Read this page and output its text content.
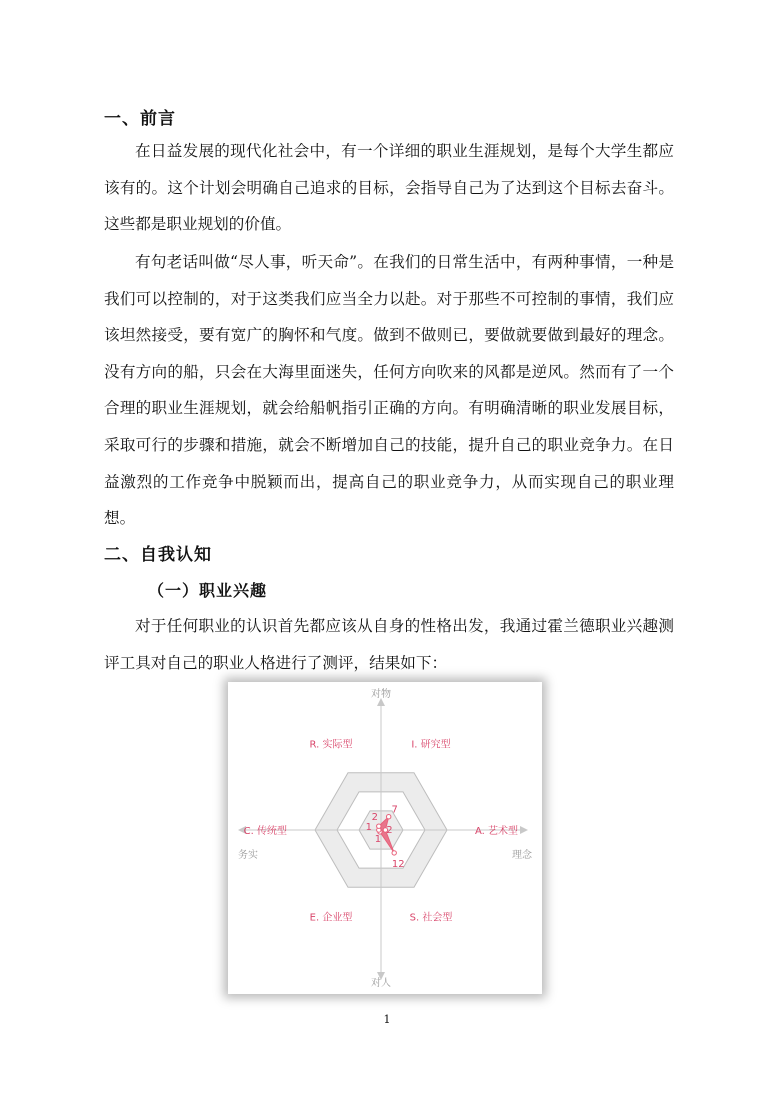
一、前言

在日益发展的现代化社会中，有一个详细的职业生涯规划，是每个大学生都应该有的。这个计划会明确自己追求的目标，会指导自己为了达到这个目标去奋斗。这些都是职业规划的价值。

有句老话叫做“尽人事，听天命”。在我们的日常生活中，有两种事情，一种是我们可以控制的，对于这类我们应当全力以赴。对于那些不可控制的事情，我们应该坦然接受，要有宽广的胸怀和气度。做到不做则已，要做就要做到最好的理念。没有方向的船，只会在大海里面迷失，任何方向吹来的风都是逆风。然而有了一个合理的职业生涯规划，就会给船帆指引正确的方向。有明确清晰的职业发展目标，采取可行的步骤和措施，就会不断增加自己的技能，提升自己的职业竞争力。在日益激烈的工作竞争中脱颖而出，提高自己的职业竞争力，从而实现自己的职业理想。

二、自我认知
（一）职业兴趣

对于任何职业的认识首先都应该从自身的性格出发，我通过霍兰德职业兴趣测评工具对自己的职业人格进行了测评，结果如下：

对物
对人
务实	理念
I. 研究型
A. 艺术型
S. 社会型
E. 企业型
C. 传统型
R. 实际型
7
2
12
1
1
2
1
